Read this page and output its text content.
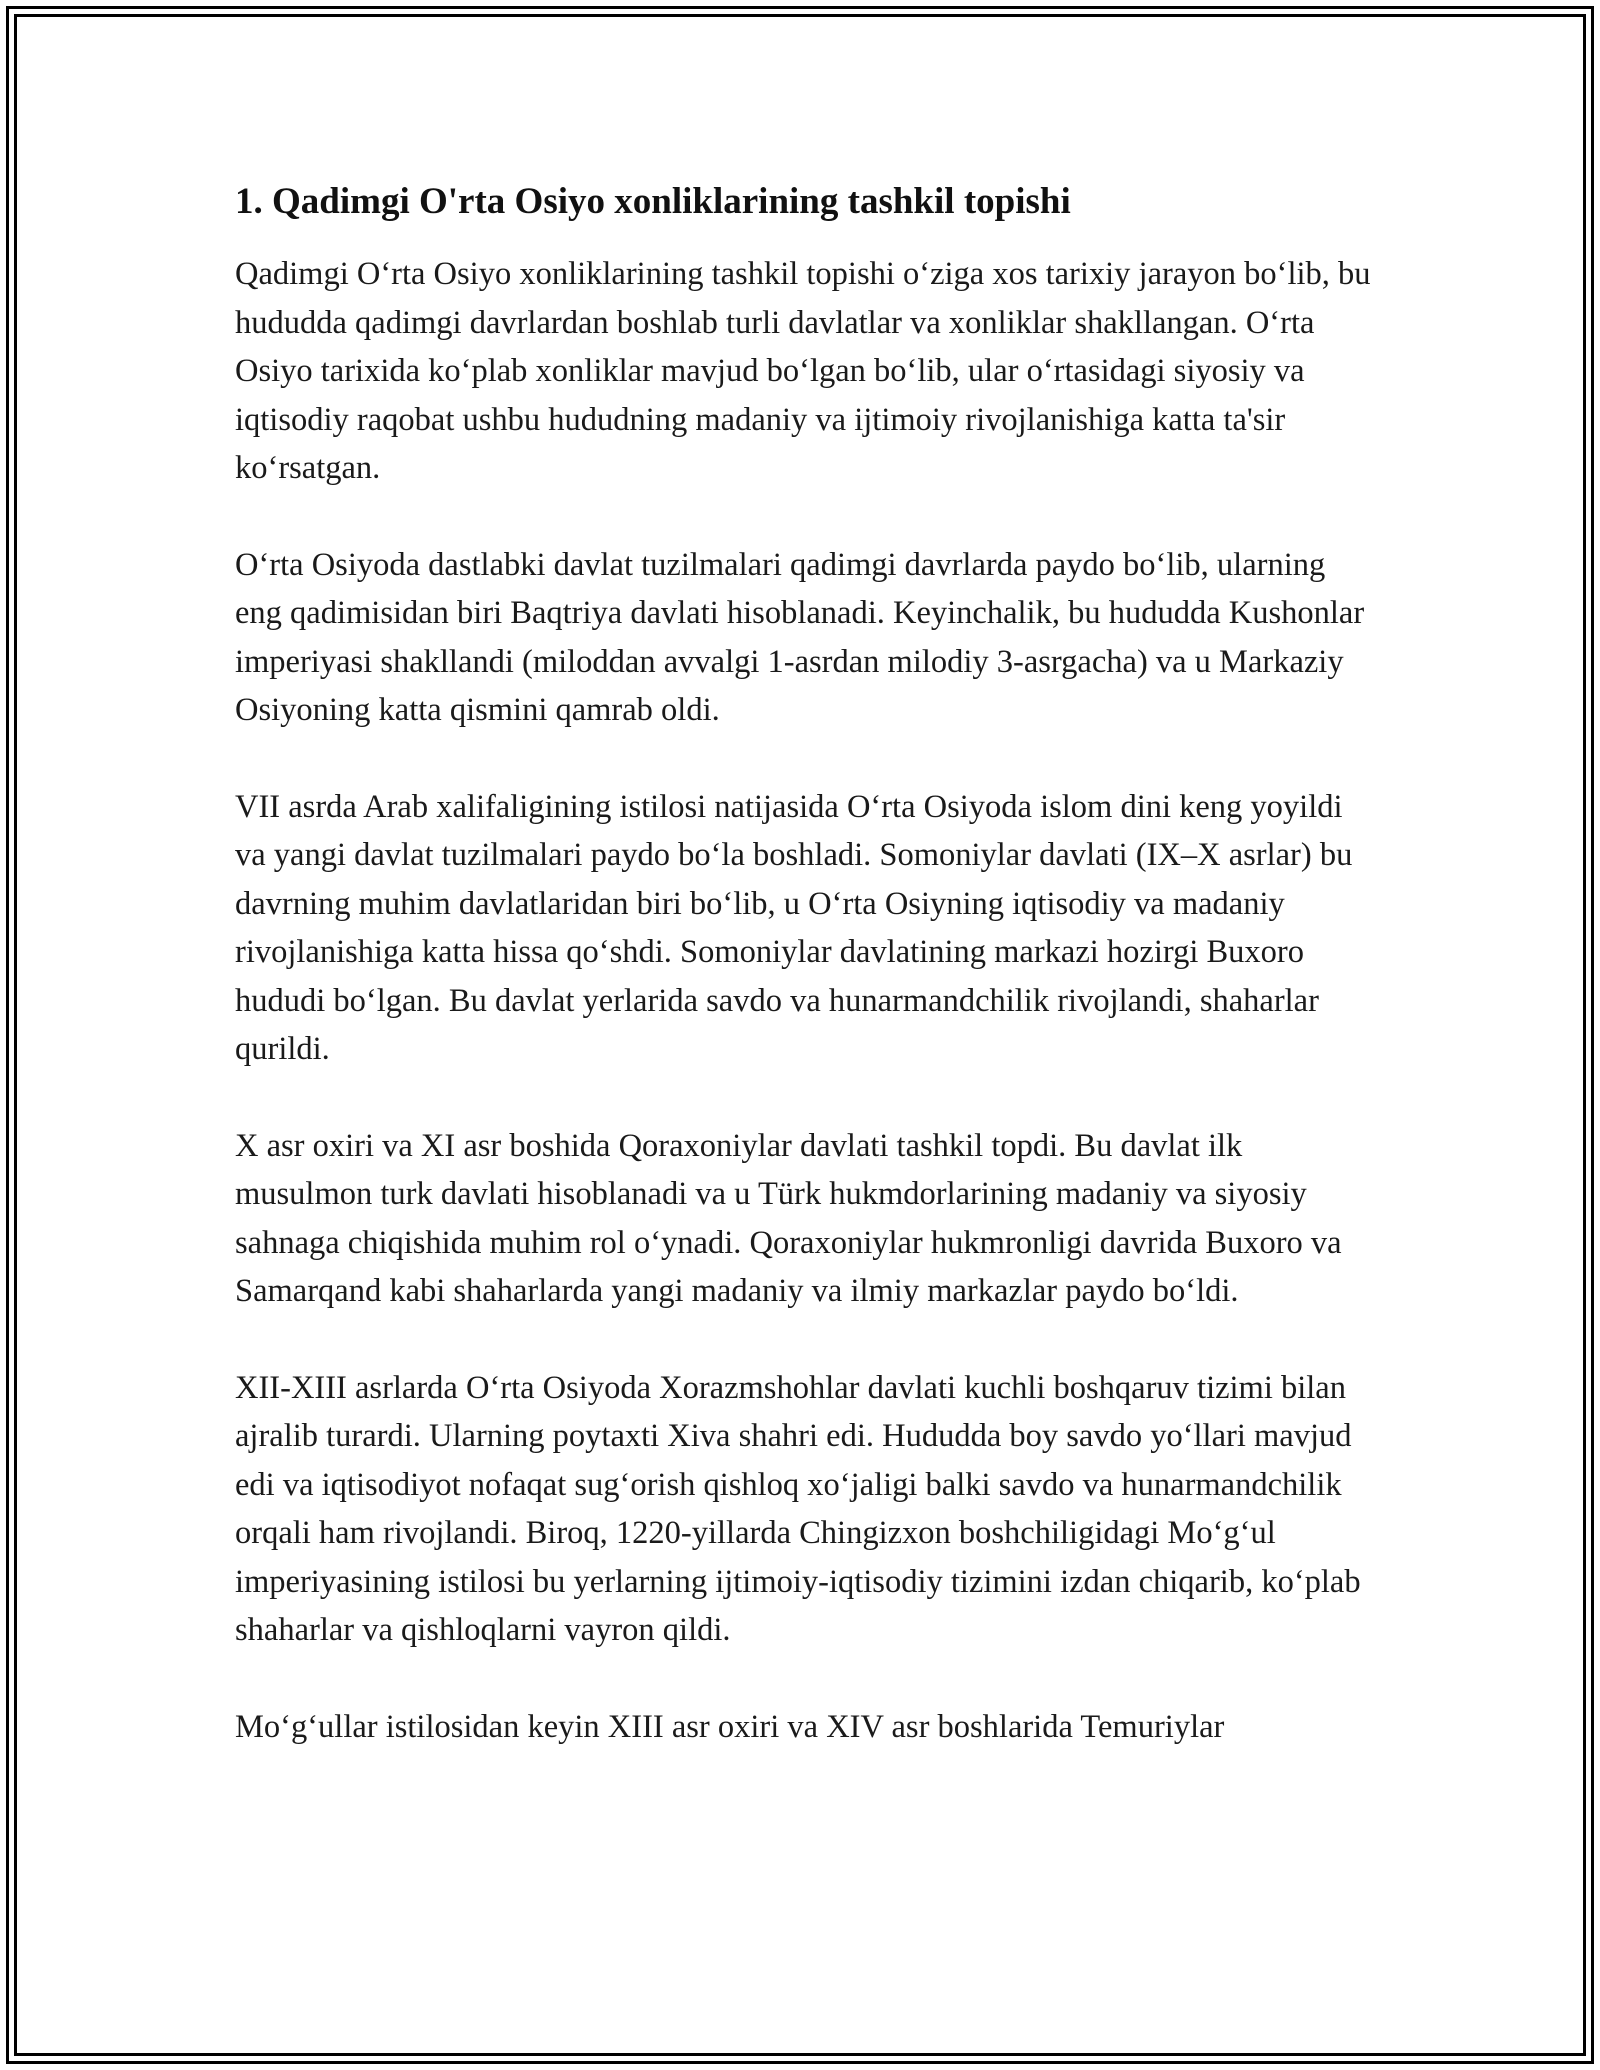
1. Qadimgi O'rta Osiyo xonliklarining tashkil topishi

Qadimgi O‘rta Osiyo xonliklarining tashkil topishi o‘ziga xos tarixiy jarayon bo‘lib, bu hududda qadimgi davrlardan boshlab turli davlatlar va xonliklar shakllangan. O‘rta Osiyo tarixida ko‘plab xonliklar mavjud bo‘lgan bo‘lib, ular o‘rtasidagi siyosiy va iqtisodiy raqobat ushbu hududning madaniy va ijtimoiy rivojlanishiga katta ta'sir ko‘rsatgan.

O‘rta Osiyoda dastlabki davlat tuzilmalari qadimgi davrlarda paydo bo‘lib, ularning eng qadimisidan biri Baqtriya davlati hisoblanadi. Keyinchalik, bu hududda Kushonlar imperiyasi shakllandi (miloddan avvalgi 1-asrdan milodiy 3-asrgacha) va u Markaziy Osiyoning katta qismini qamrab oldi.

VII asrda Arab xalifaligining istilosi natijasida O‘rta Osiyoda islom dini keng yoyildi va yangi davlat tuzilmalari paydo bo‘la boshladi. Somoniylar davlati (IX–X asrlar) bu davrning muhim davlatlaridan biri bo‘lib, u O‘rta Osiyning iqtisodiy va madaniy rivojlanishiga katta hissa qo‘shdi. Somoniylar davlatining markazi hozirgi Buxoro hududi bo‘lgan. Bu davlat yerlarida savdo va hunarmandchilik rivojlandi, shaharlar qurildi.

X asr oxiri va XI asr boshida Qoraxoniylar davlati tashkil topdi. Bu davlat ilk musulmon turk davlati hisoblanadi va u Türk hukmdorlarining madaniy va siyosiy sahnaga chiqishida muhim rol o‘ynadi. Qoraxoniylar hukmronligi davrida Buxoro va Samarqand kabi shaharlarda yangi madaniy va ilmiy markazlar paydo bo‘ldi.

XII-XIII asrlarda O‘rta Osiyoda Xorazmshohlar davlati kuchli boshqaruv tizimi bilan ajralib turardi. Ularning poytaxti Xiva shahri edi. Hududda boy savdo yo‘llari mavjud edi va iqtisodiyot nofaqat sug‘orish qishloq xo‘jaligi balki savdo va hunarmandchilik orqali ham rivojlandi. Biroq, 1220-yillarda Chingizxon boshchiligidagi Mo‘g‘ul imperiyasining istilosi bu yerlarning ijtimoiy-iqtisodiy tizimini izdan chiqarib, ko‘plab shaharlar va qishloqlarni vayron qildi.

Mo‘g‘ullar istilosidan keyin XIII asr oxiri va XIV asr boshlarida Temuriylar
